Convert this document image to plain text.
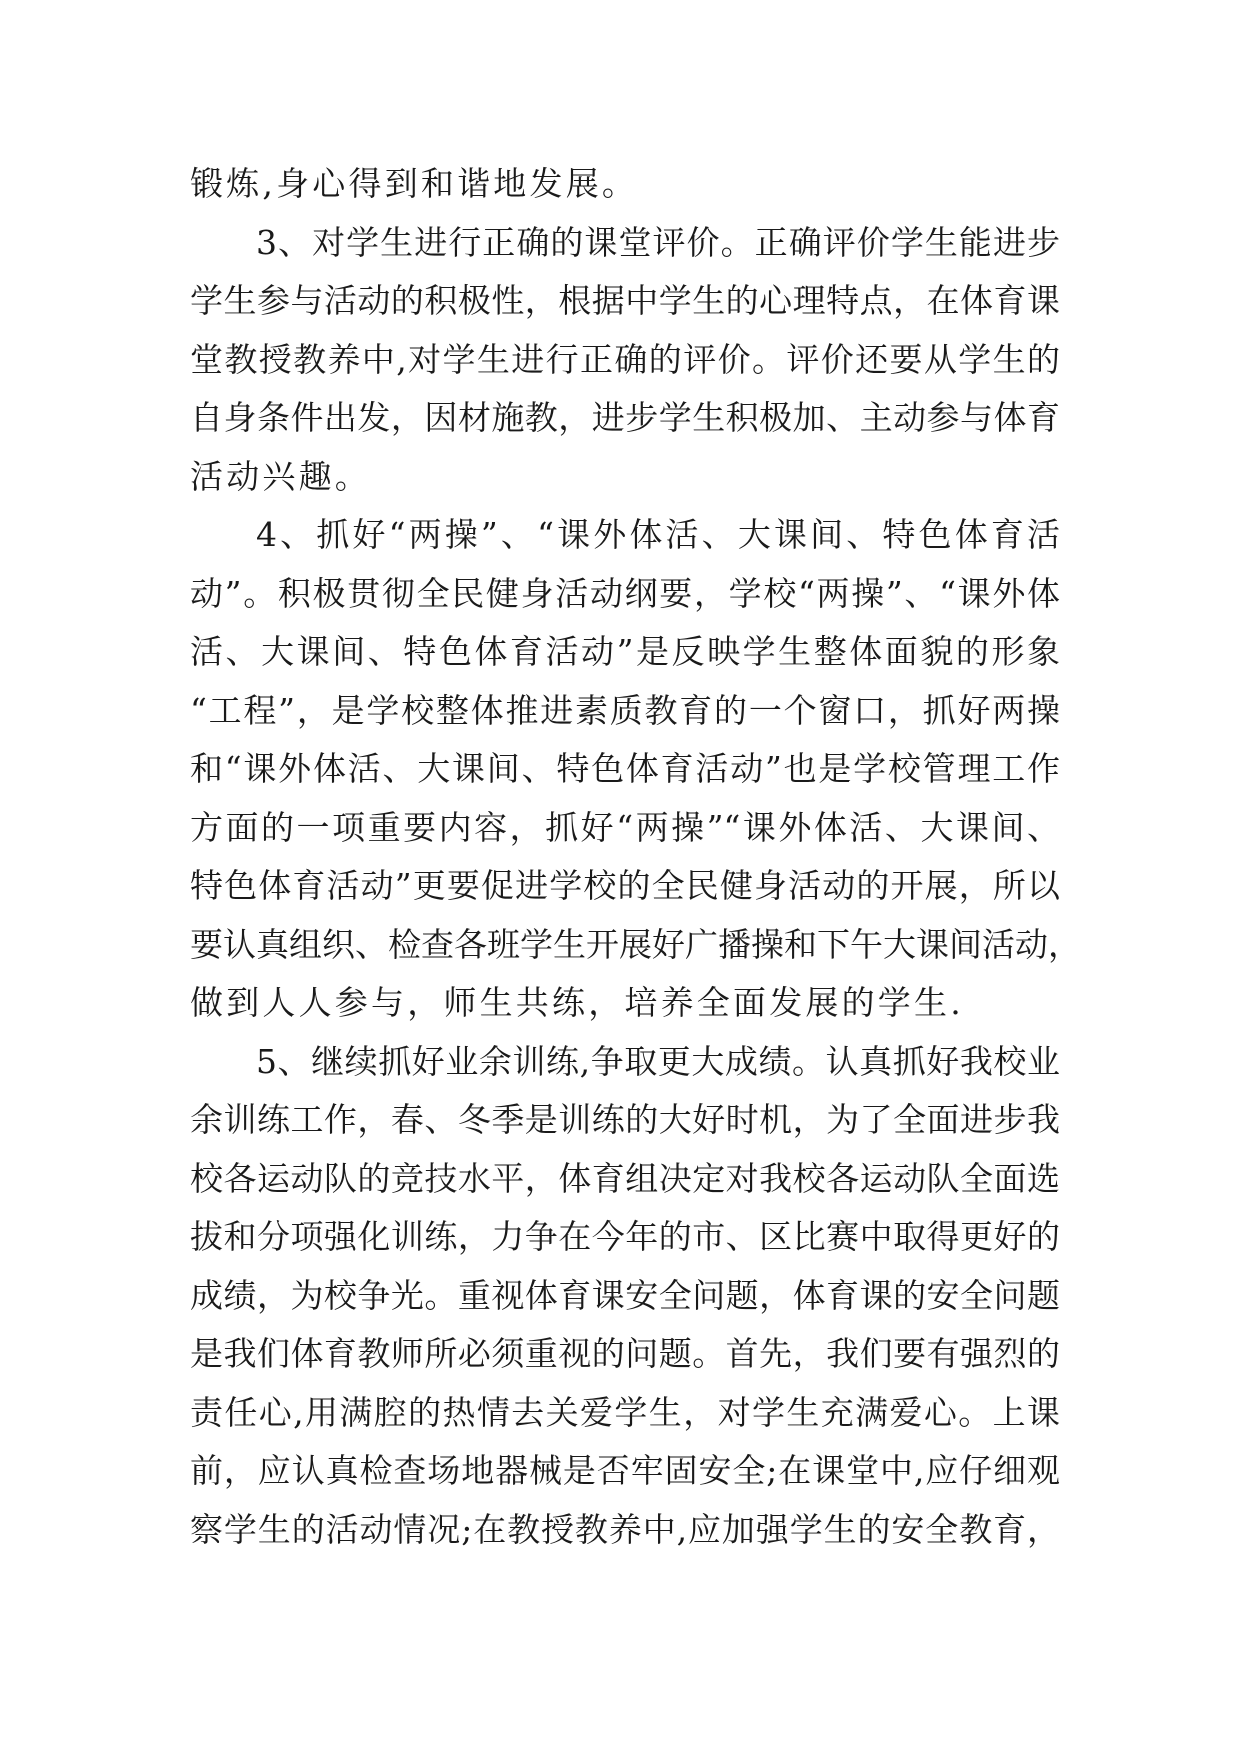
锻炼,身心得到和谐地发展。
3、对学生进行正确的课堂评价。正确评价学生能进步
学生参与活动的积极性，根据中学生的心理特点，在体育课
堂教授教养中,对学生进行正确的评价。评价还要从学生的
自身条件出发，因材施教，进步学生积极加、主动参与体育
活动兴趣。
4、抓好“两操”、“课外体活、大课间、特色体育活
动”。积极贯彻全民健身活动纲要，学校“两操”、“课外体
活、大课间、特色体育活动”是反映学生整体面貌的形象
“工程”，是学校整体推进素质教育的一个窗口，抓好两操
和“课外体活、大课间、特色体育活动”也是学校管理工作
方面的一项重要内容，抓好“两操”“课外体活、大课间、
特色体育活动”更要促进学校的全民健身活动的开展，所以
要认真组织、检查各班学生开展好广播操和下午大课间活动，
做到人人参与，师生共练，培养全面发展的学生.
5、继续抓好业余训练,争取更大成绩。认真抓好我校业
余训练工作，春、冬季是训练的大好时机，为了全面进步我
校各运动队的竞技水平，体育组决定对我校各运动队全面选
拔和分项强化训练，力争在今年的市、区比赛中取得更好的
成绩，为校争光。重视体育课安全问题，体育课的安全问题
是我们体育教师所必须重视的问题。首先，我们要有强烈的
责任心,用满腔的热情去关爱学生，对学生充满爱心。上课
前，应认真检查场地器械是否牢固安全;在课堂中,应仔细观
察学生的活动情况;在教授教养中,应加强学生的安全教育，
